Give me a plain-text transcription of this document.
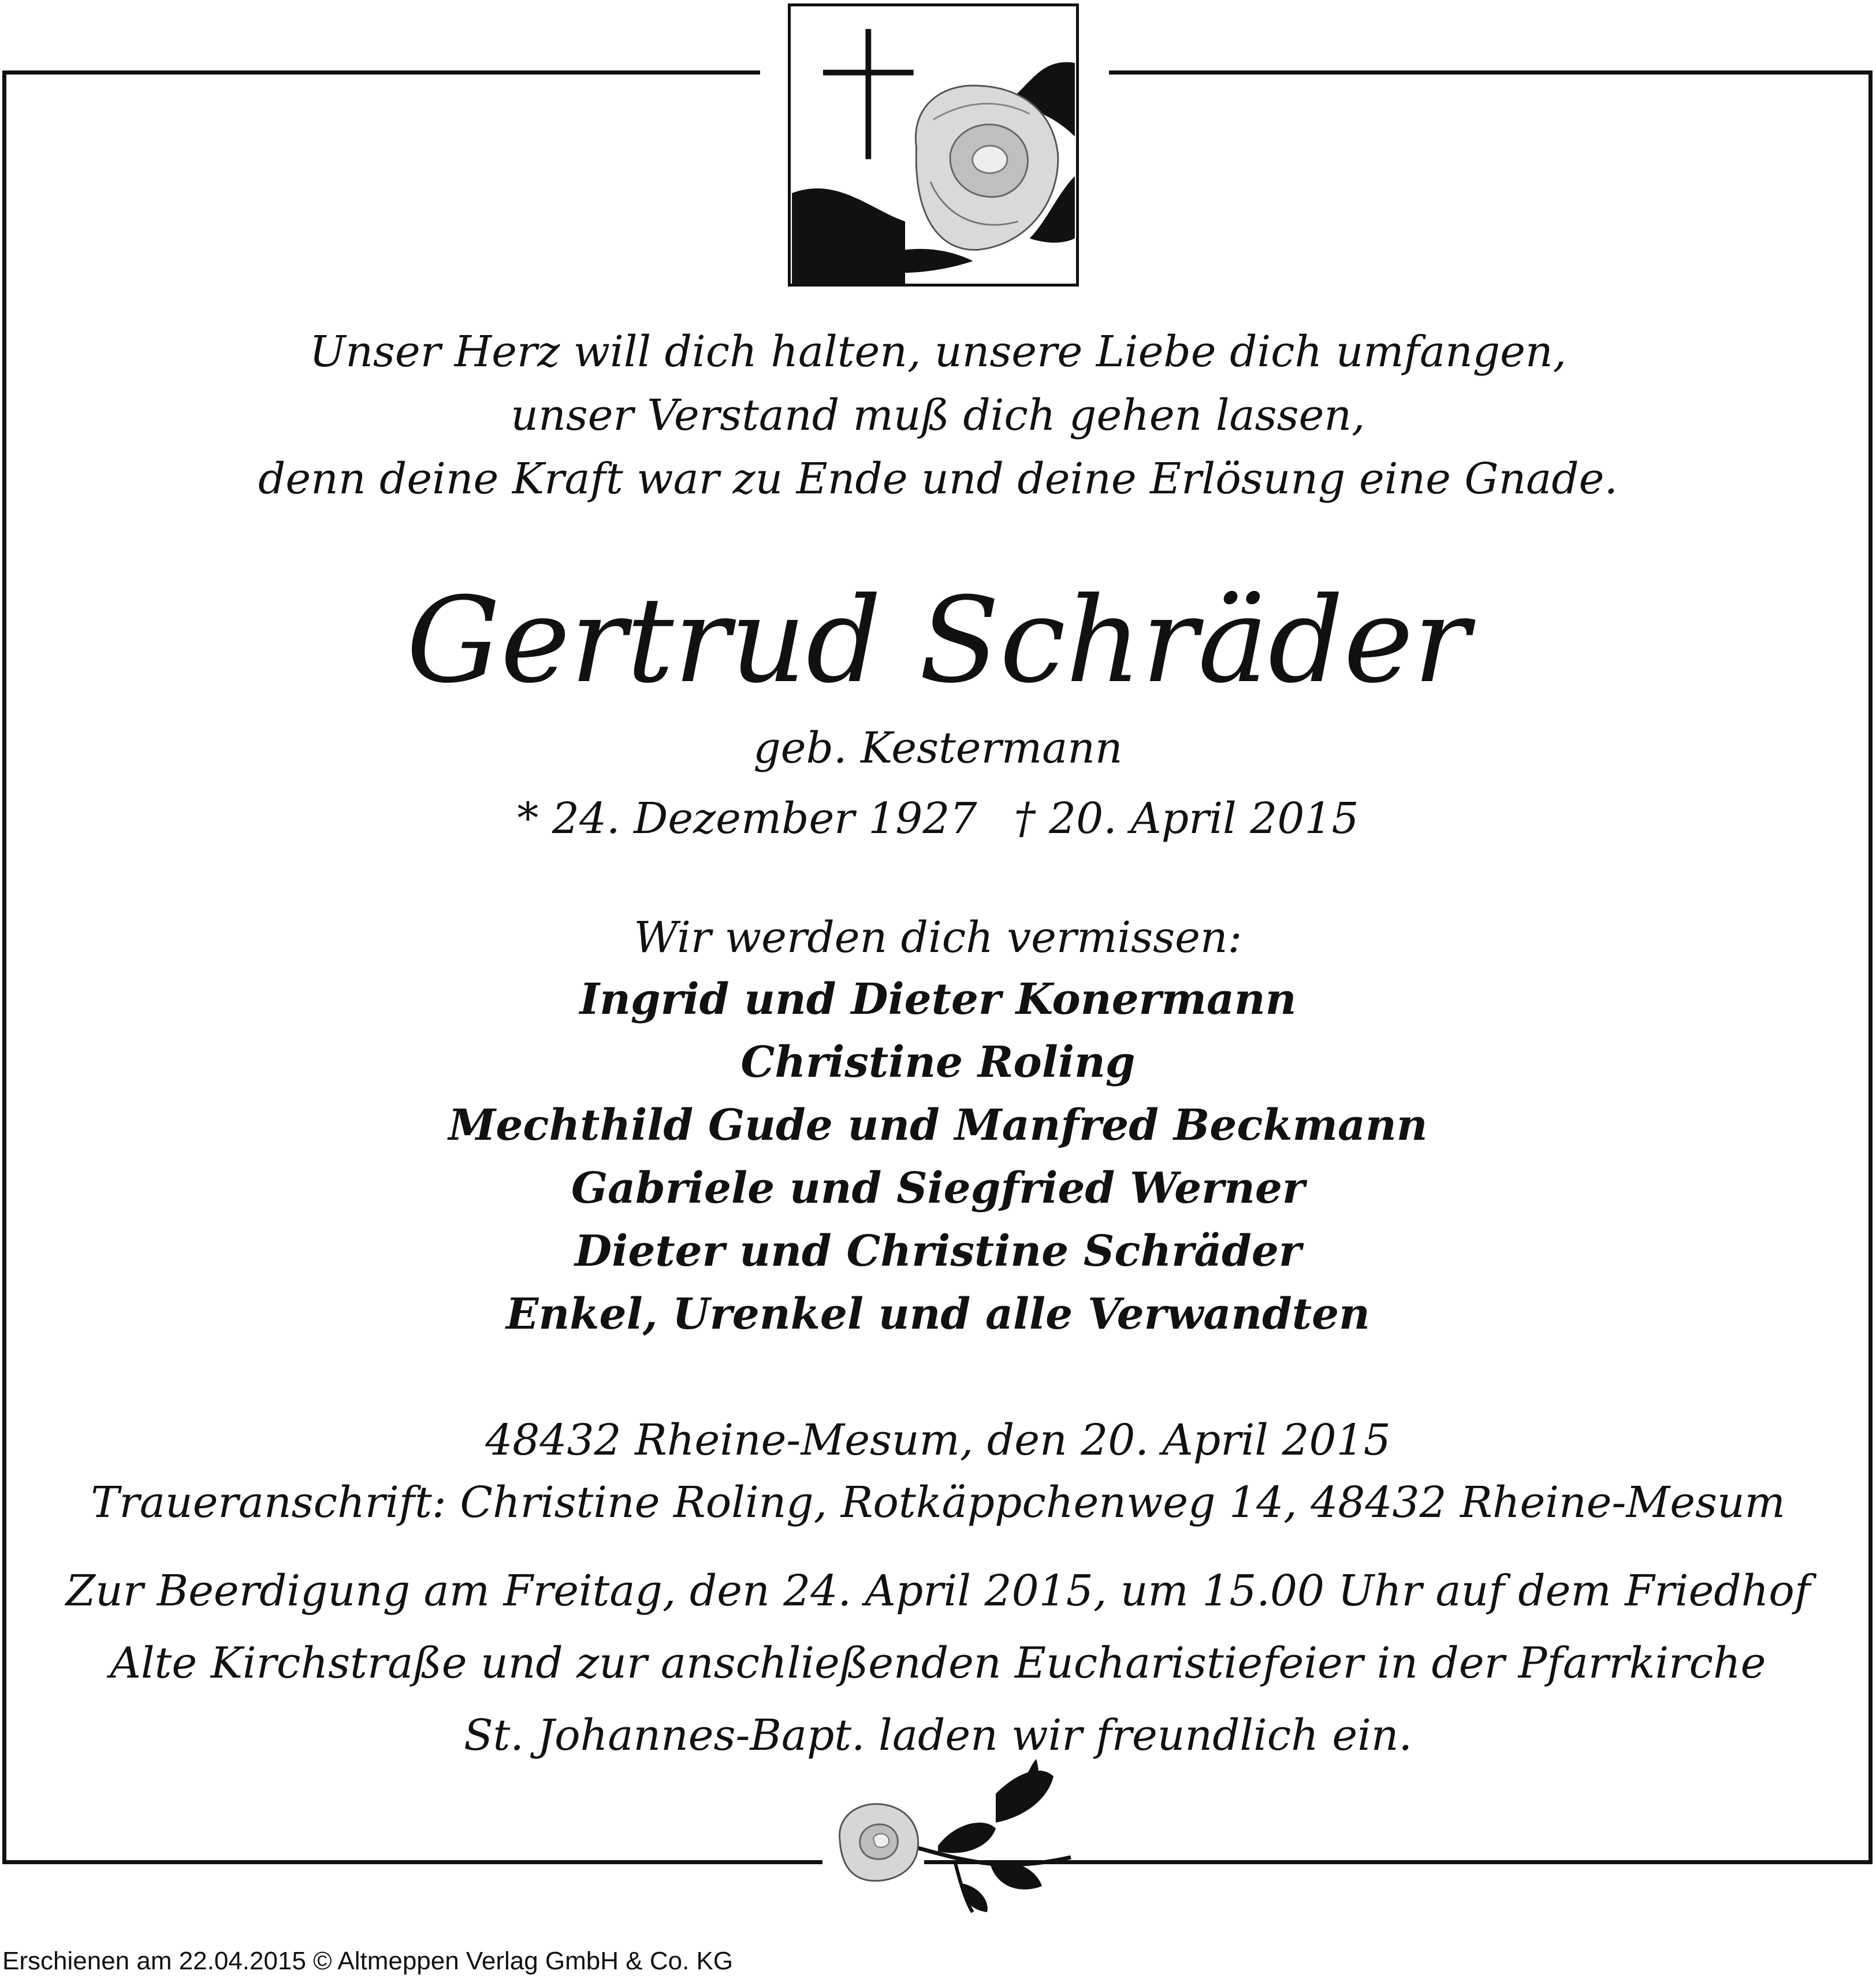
Unser Herz will dich halten, unsere Liebe dich umfangen,
unser Verstand muß dich gehen lassen,
denn deine Kraft war zu Ende und deine Erlösung eine Gnade.
Gertrud Schräder
geb. Kestermann
* 24. Dezember 1927 † 20. April 2015
Wir werden dich vermissen:
Ingrid und Dieter Konermann
Christine Roling
Mechthild Gude und Manfred Beckmann
Gabriele und Siegfried Werner
Dieter und Christine Schräder
Enkel, Urenkel und alle Verwandten
48432 Rheine-Mesum, den 20. April 2015
Traueranschrift: Christine Roling, Rotkäppchenweg 14, 48432 Rheine-Mesum
Zur Beerdigung am Freitag, den 24. April 2015, um 15.00 Uhr auf dem Friedhof
Alte Kirchstraße und zur anschließenden Eucharistiefeier in der Pfarrkirche
St. Johannes-Bapt. laden wir freundlich ein.
Erschienen am 22.04.2015 © Altmeppen Verlag GmbH & Co. KG
